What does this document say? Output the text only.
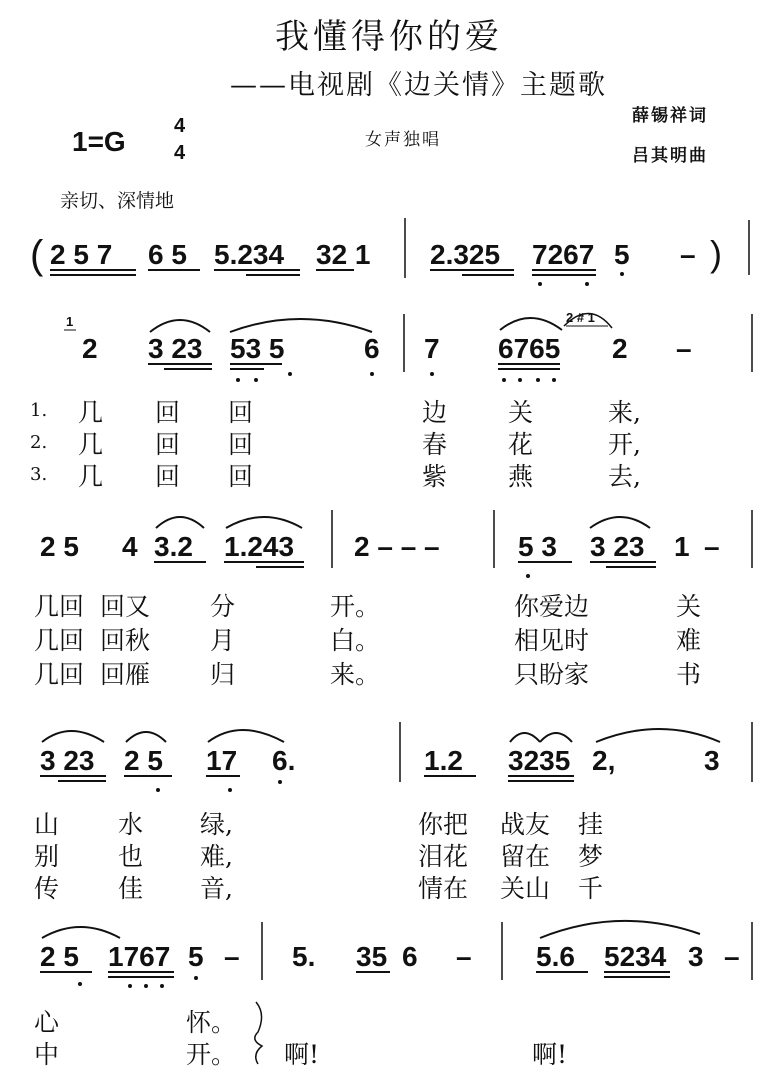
我懂得你的爱
——电视剧《边关情》主题歌
薛锡祥词
吕其明曲
1=G 4
4
女声独唱
亲切、深情地
1. 几 回 回	边 关	来,
2. 几 回 回	春 花	开,
3. 几 回 回	紫 燕	去,
几回 回又 分	开。	你爱边	关
几回 回秋 月	白。	相见时	难
几回 回雁 归	来。	只盼家	书
山 水 绿,	你把 战友 挂
别 也 难,	泪花 留在 梦
传 佳 音,	情在 关山 千
心	怀。
中	开。 啊!	啊!
( 2 5 7 6 5 5.234 32 1 2.325 7267 5 – )
1
2 3 23 53 5	6 7 6765
2 # 1
2 –
2 5 4 3.2 1.243 2 – – –	5 3 3 23 1 –
3 23 2 5 17 6.	1.2 3235 2,	3
2 5 1767 5 – 5. 35 6 – 5.6 5234 3 –
